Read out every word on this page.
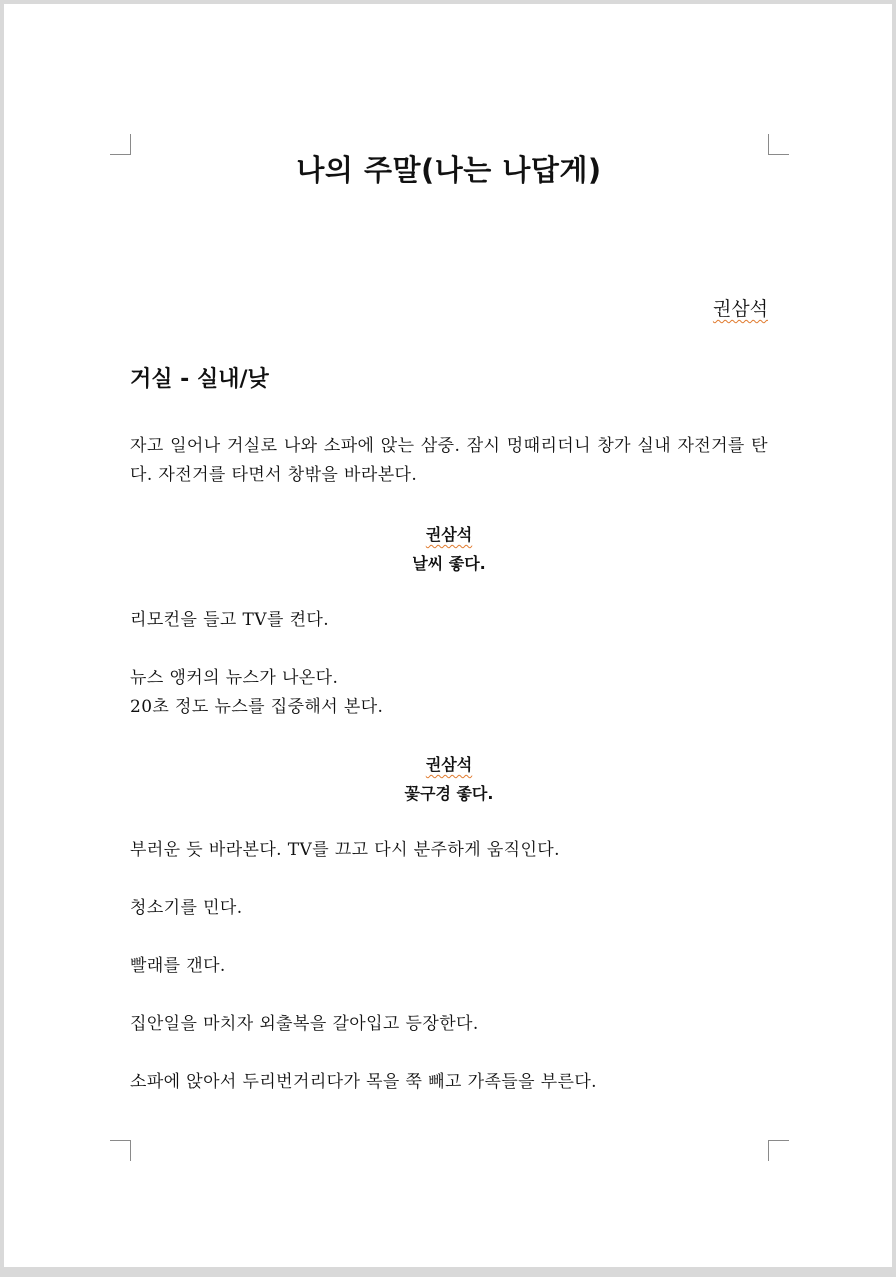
나의 주말(나는 나답게)
권삼석
거실 - 실내/낮
자고 일어나 거실로 나와 소파에 앉는 삼중. 잠시 멍때리더니 창가 실내 자전거를 탄다. 자전거를 타면서 창밖을 바라본다.
권삼석
날씨 좋다.
리모컨을 들고 TV를 켠다.
뉴스 앵커의 뉴스가 나온다.
20초 정도 뉴스를 집중해서 본다.
권삼석
꽃구경 좋다.
부러운 듯 바라본다. TV를 끄고 다시 분주하게 움직인다.
청소기를 민다.
빨래를 갠다.
집안일을 마치자 외출복을 갈아입고 등장한다.
소파에 앉아서 두리번거리다가 목을 쭉 빼고 가족들을 부른다.
